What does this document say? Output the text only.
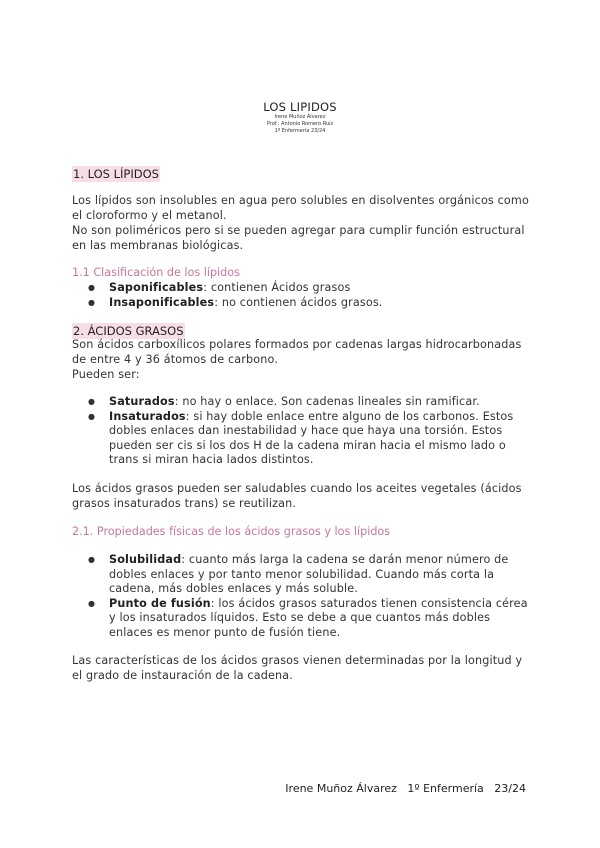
LOS LIPIDOS
Irene Muñoz Álvarez
Prof.: Antonio Romero Ruiz
1º Enfermería 23/24
1. LOS LÍPIDOS
Los lípidos son insolubles en agua pero solubles en disolventes orgánicos como el cloroformo y el metanol.
No son poliméricos pero si se pueden agregar para cumplir función estructural en las membranas biológicas.
1.1 Clasificación de los lípidos
● Saponificables: contienen Ácidos grasos
● Insaponificables: no contienen ácidos grasos.
2. ÁCIDOS GRASOS
Son ácidos carboxílicos polares formados por cadenas largas hidrocarbonadas de entre 4 y 36 átomos de carbono.
Pueden ser:
● Saturados: no hay o enlace. Son cadenas lineales sin ramificar.
● Insaturados: si hay doble enlace entre alguno de los carbonos. Estos dobles enlaces dan inestabilidad y hace que haya una torsión. Estos pueden ser cis si los dos H de la cadena miran hacia el mismo lado o trans si miran hacia lados distintos.
Los ácidos grasos pueden ser saludables cuando los aceites vegetales (ácidos grasos insaturados trans) se reutilizan.
2.1. Propiedades físicas de los ácidos grasos y los lípidos
● Solubilidad: cuanto más larga la cadena se darán menor número de dobles enlaces y por tanto menor solubilidad. Cuando más corta la cadena, más dobles enlaces y más soluble.
● Punto de fusión: los ácidos grasos saturados tienen consistencia cérea y los insaturados líquidos. Esto se debe a que cuantos más dobles enlaces es menor punto de fusión tiene.
Las características de los ácidos grasos vienen determinadas por la longitud y el grado de instauración de la cadena.
Irene Muñoz Álvarez 1º Enfermería 23/24
